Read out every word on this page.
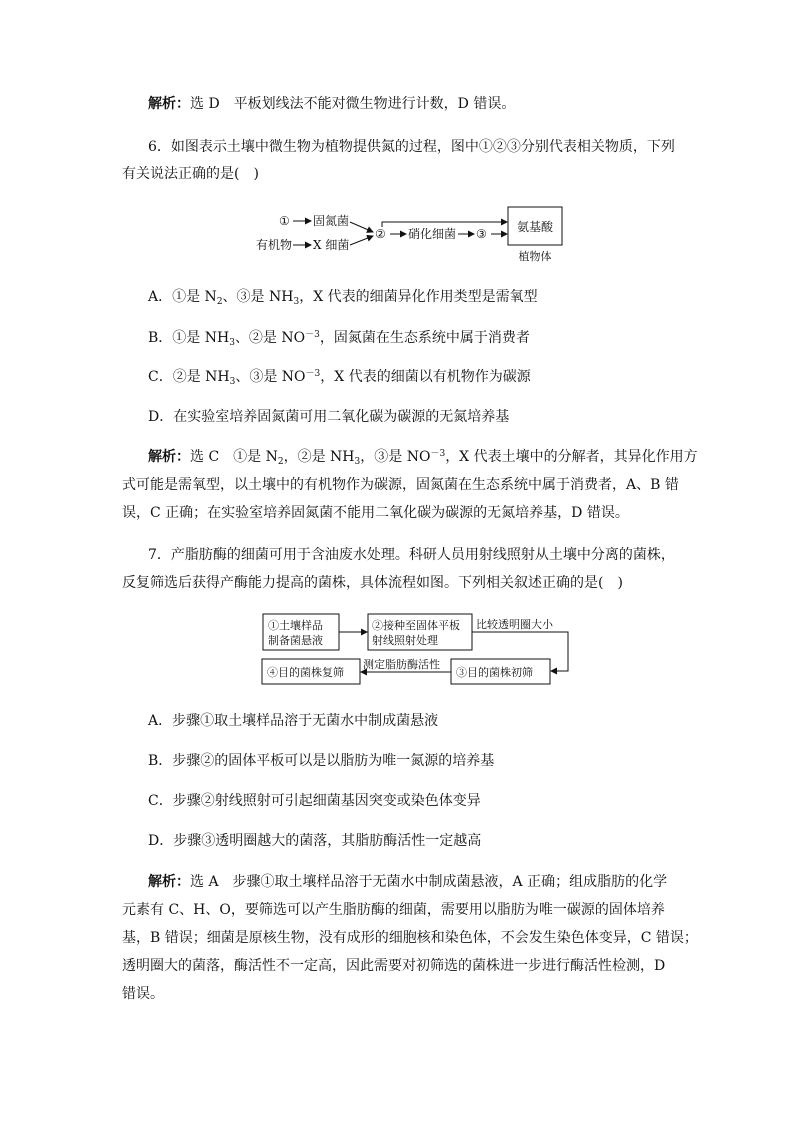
解析：选 D　平板划线法不能对微生物进行计数，D 错误。
6．如图表示土壤中微生物为植物提供氮的过程，图中①②③分别代表相关物质，下列
有关说法正确的是(　)
A．①是 $N_2$、③是 $NH_3$，X 代表的细菌异化作用类型是需氧型
B．①是 $NH_3$、②是 $NO^{-3}$，固氮菌在生态系统中属于消费者
C．②是 $NH_3$、③是 $NO^{-3}$，X 代表的细菌以有机物作为碳源
D．在实验室培养固氮菌可用二氧化碳为碳源的无氮培养基
解析：选 C　①是 $N_2$，②是 $NH_3$，③是 $NO^{-3}$，X 代表土壤中的分解者，其异化作用方
式可能是需氧型，以土壤中的有机物作为碳源，固氮菌在生态系统中属于消费者，A、B 错
误，C 正确；在实验室培养固氮菌不能用二氧化碳为碳源的无氮培养基，D 错误。
7．产脂肪酶的细菌可用于含油废水处理。科研人员用射线照射从土壤中分离的菌株，
反复筛选后获得产酶能力提高的菌株，具体流程如图。下列相关叙述正确的是(　)
A．步骤①取土壤样品溶于无菌水中制成菌悬液
B．步骤②的固体平板可以是以脂肪为唯一氮源的培养基
C．步骤②射线照射可引起细菌基因突变或染色体变异
D．步骤③透明圈越大的菌落，其脂肪酶活性一定越高
解析：选 A　步骤①取土壤样品溶于无菌水中制成菌悬液，A 正确；组成脂肪的化学
元素有 C、H、O，要筛选可以产生脂肪酶的细菌，需要用以脂肪为唯一碳源的固体培养
基，B 错误；细菌是原核生物，没有成形的细胞核和染色体，不会发生染色体变异，C 错误；
透明圈大的菌落，酶活性不一定高，因此需要对初筛选的菌株进一步进行酶活性检测，D
错误。
① 固氮菌
有机物 X 细菌
② 硝化细菌 ③	氨基酸
植物体
①土壤样品
制备菌悬液
②接种至固体平板
射线照射处理
比较透明圈大小
③目的菌株初筛
测定脂肪酶活性
④目的菌株复筛
